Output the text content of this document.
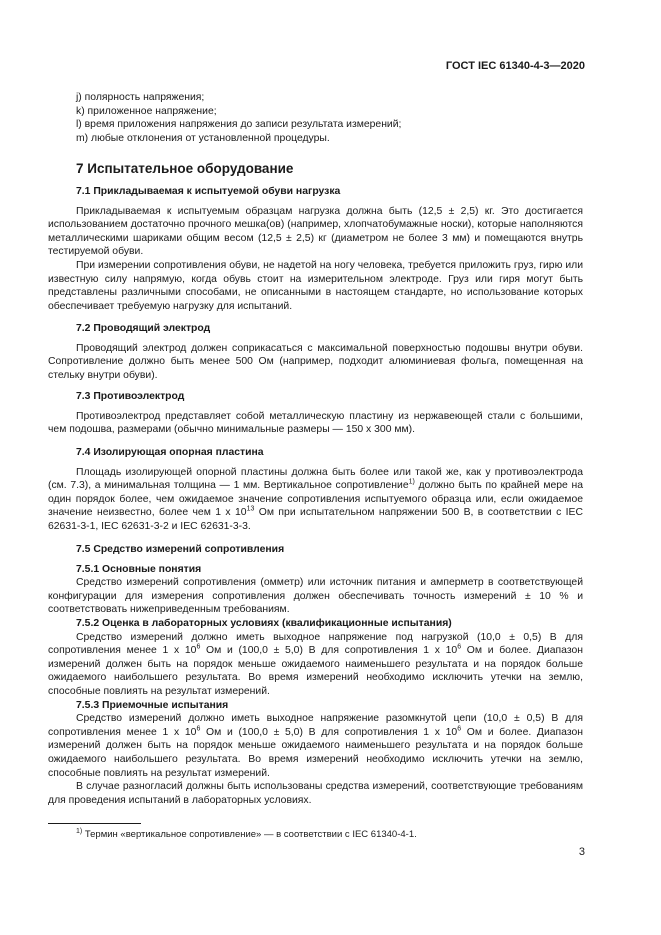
ГОСТ IEC 61340-4-3—2020

j) полярность напряжения;

k) приложенное напряжение;

l) время приложения напряжения до записи результата измерений;

m) любые отклонения от установленной процедуры.

7 Испытательное оборудование

7.1 Прикладываемая к испытуемой обуви нагрузка

Прикладываемая к испытуемым образцам нагрузка должна быть (12,5 ± 2,5) кг. Это достигается использованием достаточно прочного мешка(ов) (например, хлопчатобумажные носки), которые наполняются металлическими шариками общим весом (12,5 ± 2,5) кг (диаметром не более 3 мм) и помещаются внутрь тестируемой обуви.

При измерении сопротивления обуви, не надетой на ногу человека, требуется приложить груз, гирю или известную силу напрямую, когда обувь стоит на измерительном электроде. Груз или гиря могут быть представлены различными способами, не описанными в настоящем стандарте, но использование которых обеспечивает требуемую нагрузку для испытаний.

7.2 Проводящий электрод

Проводящий электрод должен соприкасаться с максимальной поверхностью подошвы внутри обуви. Сопротивление должно быть менее 500 Ом (например, подходит алюминиевая фольга, помещенная на стельку внутри обуви).

7.3 Противоэлектрод

Противоэлектрод представляет собой металлическую пластину из нержавеющей стали с большими, чем подошва, размерами (обычно минимальные размеры — 150 х 300 мм).

7.4 Изолирующая опорная пластина

Площадь изолирующей опорной пластины должна быть более или такой же, как у противоэлектрода (см. 7.3), а минимальная толщина — 1 мм. Вертикальное сопротивление$^{1)}$ должно быть по крайней мере на один порядок более, чем ожидаемое значение сопротивления испытуемого образца или, если ожидаемое значение неизвестно, более чем 1 х $10^{13}$ Ом при испытательном напряжении 500 В, в соответствии с IEC 62631-3-1, IEC 62631-3-2 и IEC 62631-3-3.

7.5 Средство измерений сопротивления

7.5.1 Основные понятия

Средство измерений сопротивления (омметр) или источник питания и амперметр в соответствующей конфигурации для измерения сопротивления должен обеспечивать точность измерений ± 10 % и соответствовать нижеприведенным требованиям.

7.5.2 Оценка в лабораторных условиях (квалификационные испытания)

Средство измерений должно иметь выходное напряжение под нагрузкой (10,0 ± 0,5) В для сопротивления менее 1 х $10^6$ Ом и (100,0 ± 5,0) В для сопротивления 1 х $10^6$ Ом и более. Диапазон измерений должен быть на порядок меньше ожидаемого наименьшего результата и на порядок больше ожидаемого наибольшего результата. Во время измерений необходимо исключить утечки на землю, способные повлиять на результат измерений.

7.5.3 Приемочные испытания

Средство измерений должно иметь выходное напряжение разомкнутой цепи (10,0 ± 0,5) В для сопротивления менее 1 х $10^6$ Ом и (100,0 ± 5,0) В для сопротивления 1 х $10^6$ Ом и более. Диапазон измерений должен быть на порядок меньше ожидаемого наименьшего результата и на порядок больше ожидаемого наибольшего результата. Во время измерений необходимо исключить утечки на землю, способные повлиять на результат измерений.

В случае разногласий должны быть использованы средства измерений, соответствующие требованиям для проведения испытаний в лабораторных условиях.

$^{1)}$ Термин «вертикальное сопротивление» — в соответствии с IEC 61340-4-1.
3
